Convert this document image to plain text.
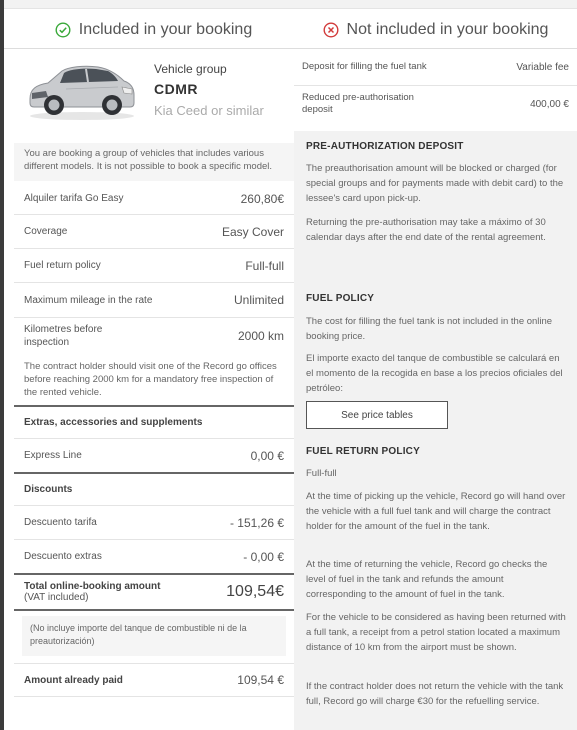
Included in your booking	Not included in your booking
Vehicle group
CDMR
Kia Ceed or similar
You are booking a group of vehicles that includes various different models. It is not possible to book a specific model.
Alquiler tarifa Go Easy	260,80€
Coverage	Easy Cover
Fuel return policy	Full-full
Maximum mileage in the rate	Unlimited
Kilometres before inspection	2000 km
The contract holder should visit one of the Record go offices before reaching 2000 km for a mandatory free inspection of the rented vehicle.
Extras, accessories and supplements
Express Line	0,00 €
Discounts
Descuento tarifa	- 151,26 €
Descuento extras	- 0,00 €
Total online-booking amount
(VAT included)	109,54€
(No incluye importe del tanque de combustible ni de la preautorización)
Amount already paid	109,54 €
Deposit for filling the fuel tank	Variable fee
Reduced pre-authorisation deposit	400,00 €
PRE-AUTHORIZATION DEPOSIT
The preauthorisation amount will be blocked or charged (for special groups and for payments made with debit card) to the lessee's card upon pick-up.
Returning the pre-authorisation may take a máximo of 30 calendar days after the end date of the rental agreement.
FUEL POLICY
The cost for filling the fuel tank is not included in the online booking price.
El importe exacto del tanque de combustible se calculará en el momento de la recogida en base a los precios oficiales del petróleo:
See price tables
FUEL RETURN POLICY
Full-full
At the time of picking up the vehicle, Record go will hand over the vehicle with a full fuel tank and will charge the contract holder for the amount of the fuel in the tank.
At the time of returning the vehicle, Record go checks the level of fuel in the tank and refunds the amount corresponding to the amount of fuel in the tank.
For the vehicle to be considered as having been returned with a full tank, a receipt from a petrol station located a maximum distance of 10 km from the airport must be shown.
If the contract holder does not return the vehicle with the tank full, Record go will charge €30 for the refuelling service.
